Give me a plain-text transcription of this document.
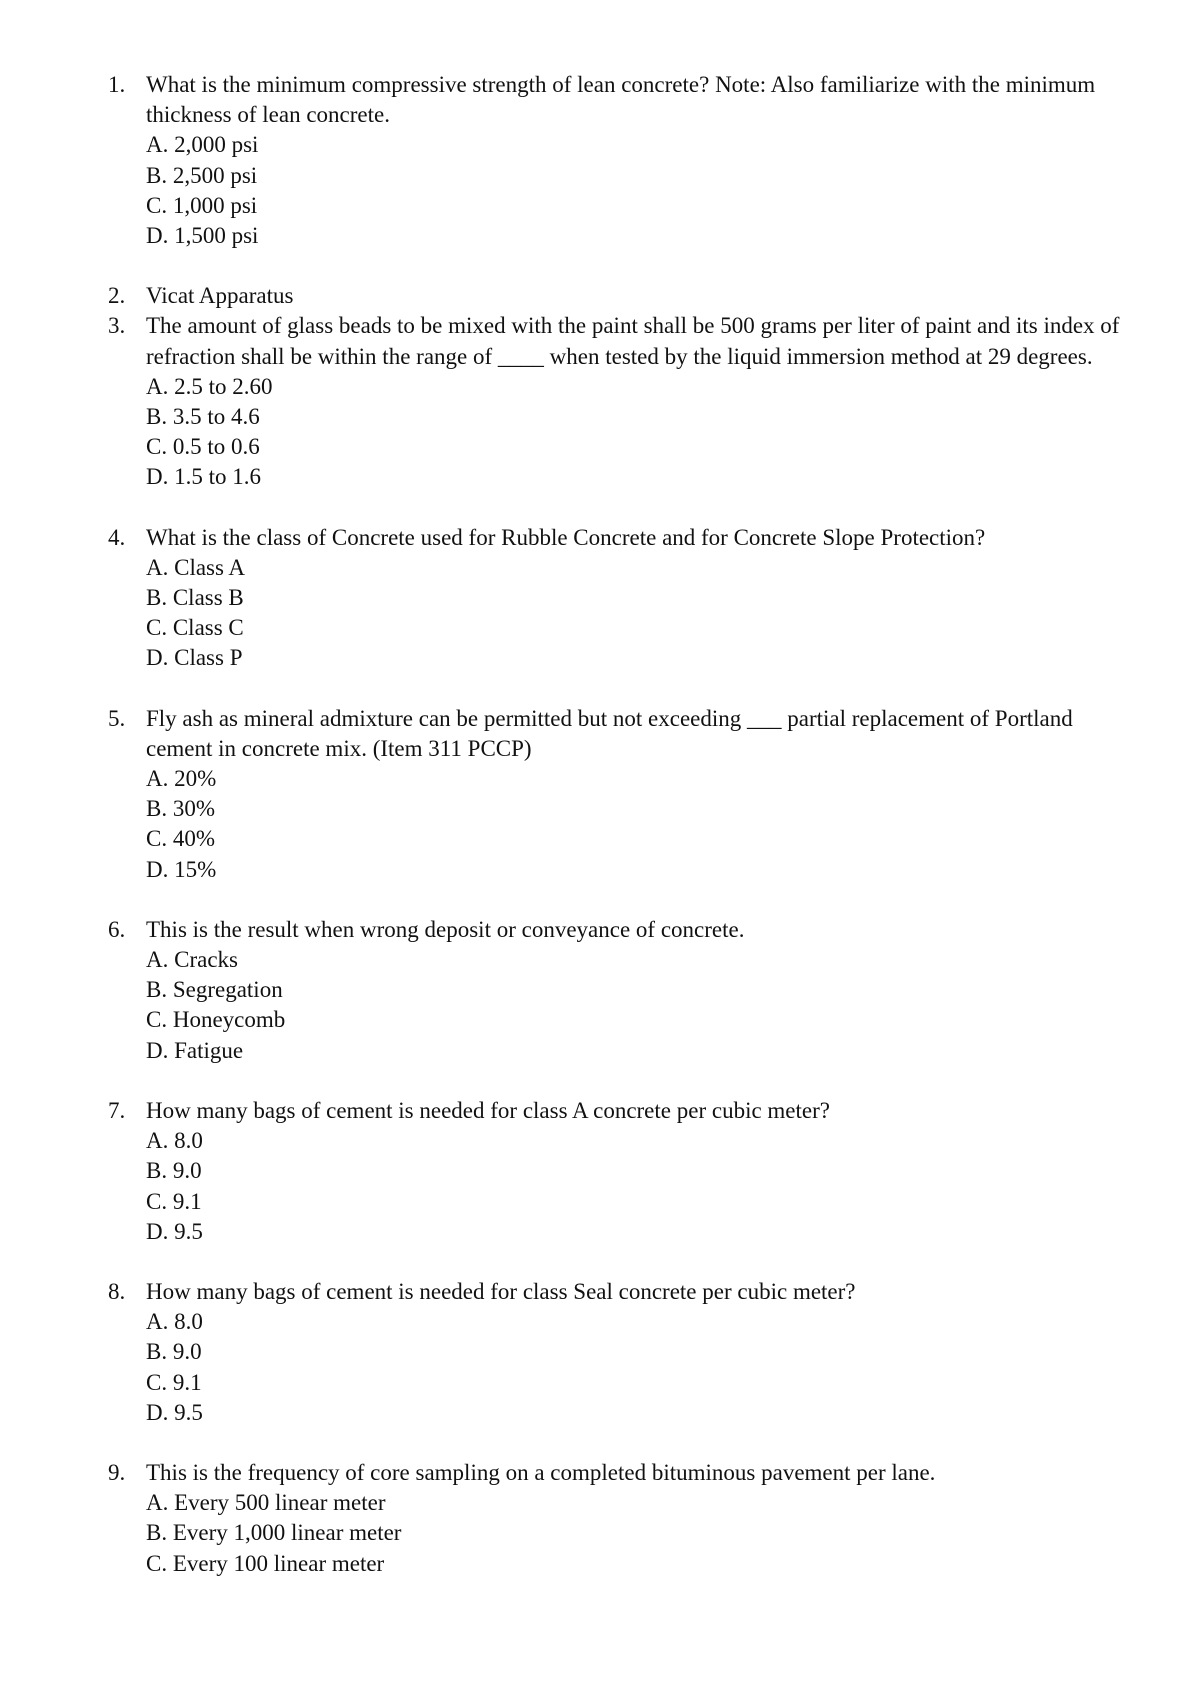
1. What is the minimum compressive strength of lean concrete? Note: Also familiarize with the minimum thickness of lean concrete.
A. 2,000 psi
B. 2,500 psi
C. 1,000 psi
D. 1,500 psi
2. Vicat Apparatus
3. The amount of glass beads to be mixed with the paint shall be 500 grams per liter of paint and its index of refraction shall be within the range of ____ when tested by the liquid immersion method at 29 degrees.
A. 2.5 to 2.60
B. 3.5 to 4.6
C. 0.5 to 0.6
D. 1.5 to 1.6
4. What is the class of Concrete used for Rubble Concrete and for Concrete Slope Protection?
A. Class A
B. Class B
C. Class C
D. Class P
5. Fly ash as mineral admixture can be permitted but not exceeding ___ partial replacement of Portland cement in concrete mix. (Item 311 PCCP)
A. 20%
B. 30%
C. 40%
D. 15%
6. This is the result when wrong deposit or conveyance of concrete.
A. Cracks
B. Segregation
C. Honeycomb
D. Fatigue
7. How many bags of cement is needed for class A concrete per cubic meter?
A. 8.0
B. 9.0
C. 9.1
D. 9.5
8. How many bags of cement is needed for class Seal concrete per cubic meter?
A. 8.0
B. 9.0
C. 9.1
D. 9.5
9. This is the frequency of core sampling on a completed bituminous pavement per lane.
A. Every 500 linear meter
B. Every 1,000 linear meter
C. Every 100 linear meter
